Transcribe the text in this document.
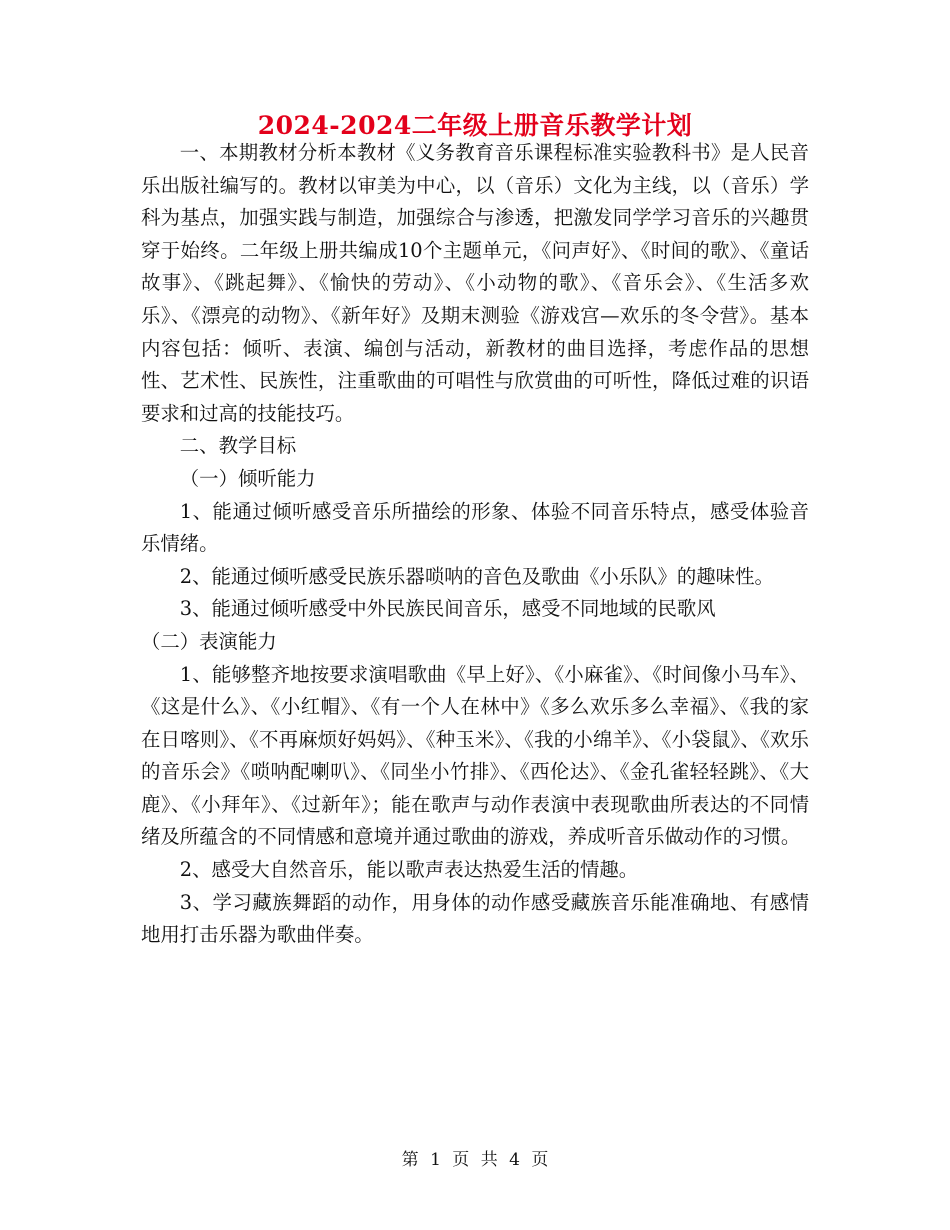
2024-2024二年级上册音乐教学计划

一、本期教材分析本教材《义务教育音乐课程标准实验教科书》是人民音乐出版社编写的。教材以审美为中心，以（音乐）文化为主线，以（音乐）学科为基点，加强实践与制造，加强综合与渗透，把激发同学学习音乐的兴趣贯穿于始终。二年级上册共编成10个主题单元，《问声好》、《时间的歌》、《童话故事》、《跳起舞》、《愉快的劳动》、《小动物的歌》、《音乐会》、《生活多欢乐》、《漂亮的动物》、《新年好》及期末测验《游戏宫—欢乐的冬令营》。基本内容包括：倾听、表演、编创与活动，新教材的曲目选择，考虑作品的思想性、艺术性、民族性，注重歌曲的可唱性与欣赏曲的可听性，降低过难的识语要求和过高的技能技巧。

二、教学目标

（一）倾听能力

1、能通过倾听感受音乐所描绘的形象、体验不同音乐特点，感受体验音乐情绪。

2、能通过倾听感受民族乐器唢呐的音色及歌曲《小乐队》的趣味性。

3、能通过倾听感受中外民族民间音乐，感受不同地域的民歌风

（二）表演能力

1、能够整齐地按要求演唱歌曲《早上好》、《小麻雀》、《时间像小马车》、《这是什么》、《小红帽》、《有一个人在林中》《多么欢乐多么幸福》、《我的家在日喀则》、《不再麻烦好妈妈》、《种玉米》、《我的小绵羊》、《小袋鼠》、《欢乐的音乐会》《唢呐配喇叭》、《同坐小竹排》、《西伦达》、《金孔雀轻轻跳》、《大鹿》、《小拜年》、《过新年》；能在歌声与动作表演中表现歌曲所表达的不同情绪及所蕴含的不同情感和意境并通过歌曲的游戏，养成听音乐做动作的习惯。

2、感受大自然音乐，能以歌声表达热爱生活的情趣。

3、学习藏族舞蹈的动作，用身体的动作感受藏族音乐能准确地、有感情地用打击乐器为歌曲伴奏。

第 1 页 共 4 页
